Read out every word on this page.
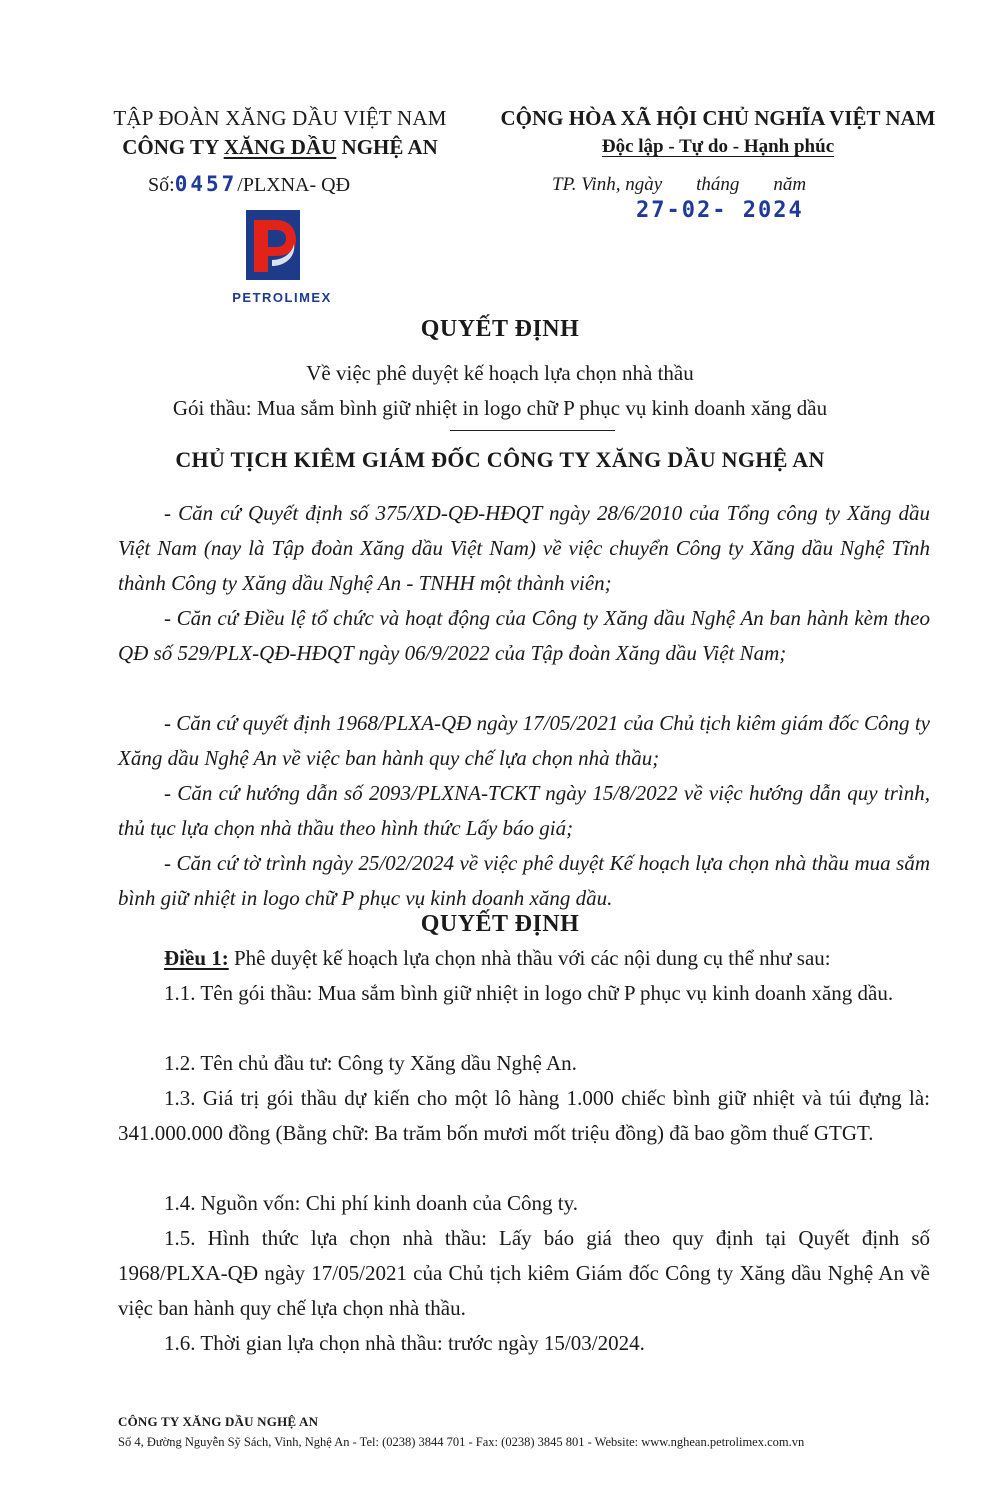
TẬP ĐOÀN XĂNG DẦU VIỆT NAM
CÔNG TY XĂNG DẦU NGHỆ AN
CỘNG HÒA XÃ HỘI CHỦ NGHĨA VIỆT NAM
Độc lập - Tự do - Hạnh phúc
Số:0457/PLXNA- QĐ	TP. Vinh, ngày tháng năm
27-02- 2024
PETROLIMEX
QUYẾT ĐỊNH
Về việc phê duyệt kế hoạch lựa chọn nhà thầu
Gói thầu: Mua sắm bình giữ nhiệt in logo chữ P phục vụ kinh doanh xăng dầu
CHỦ TỊCH KIÊM GIÁM ĐỐC CÔNG TY XĂNG DẦU NGHỆ AN
- Căn cứ Quyết định số 375/XD-QĐ-HĐQT ngày 28/6/2010 của Tổng công ty Xăng dầu Việt Nam (nay là Tập đoàn Xăng dầu Việt Nam) về việc chuyển Công ty Xăng dầu Nghệ Tĩnh thành Công ty Xăng dầu Nghệ An - TNHH một thành viên;
- Căn cứ Điều lệ tổ chức và hoạt động của Công ty Xăng dầu Nghệ An ban hành kèm theo QĐ số 529/PLX-QĐ-HĐQT ngày 06/9/2022 của Tập đoàn Xăng dầu Việt Nam;
- Căn cứ quyết định 1968/PLXA-QĐ ngày 17/05/2021 của Chủ tịch kiêm giám đốc Công ty Xăng dầu Nghệ An về việc ban hành quy chế lựa chọn nhà thầu;
- Căn cứ hướng dẫn số 2093/PLXNA-TCKT ngày 15/8/2022 về việc hướng dẫn quy trình, thủ tục lựa chọn nhà thầu theo hình thức Lấy báo giá;
- Căn cứ tờ trình ngày 25/02/2024 về việc phê duyệt Kế hoạch lựa chọn nhà thầu mua sắm bình giữ nhiệt in logo chữ P phục vụ kinh doanh xăng dầu.
QUYẾT ĐỊNH
Điều 1: Phê duyệt kế hoạch lựa chọn nhà thầu với các nội dung cụ thể như sau:
1.1. Tên gói thầu: Mua sắm bình giữ nhiệt in logo chữ P phục vụ kinh doanh xăng dầu.
1.2. Tên chủ đầu tư: Công ty Xăng dầu Nghệ An.
1.3. Giá trị gói thầu dự kiến cho một lô hàng 1.000 chiếc bình giữ nhiệt và túi đựng là: 341.000.000 đồng (Bằng chữ: Ba trăm bốn mươi mốt triệu đồng) đã bao gồm thuế GTGT.
1.4. Nguồn vốn: Chi phí kinh doanh của Công ty.
1.5. Hình thức lựa chọn nhà thầu: Lấy báo giá theo quy định tại Quyết định số 1968/PLXA-QĐ ngày 17/05/2021 của Chủ tịch kiêm Giám đốc Công ty Xăng dầu Nghệ An về việc ban hành quy chế lựa chọn nhà thầu.
1.6. Thời gian lựa chọn nhà thầu: trước ngày 15/03/2024.
CÔNG TY XĂNG DẦU NGHỆ AN
Số 4, Đường Nguyễn Sỹ Sách, Vinh, Nghệ An - Tel: (0238) 3844 701 - Fax: (0238) 3845 801 - Website: www.nghean.petrolimex.com.vn
